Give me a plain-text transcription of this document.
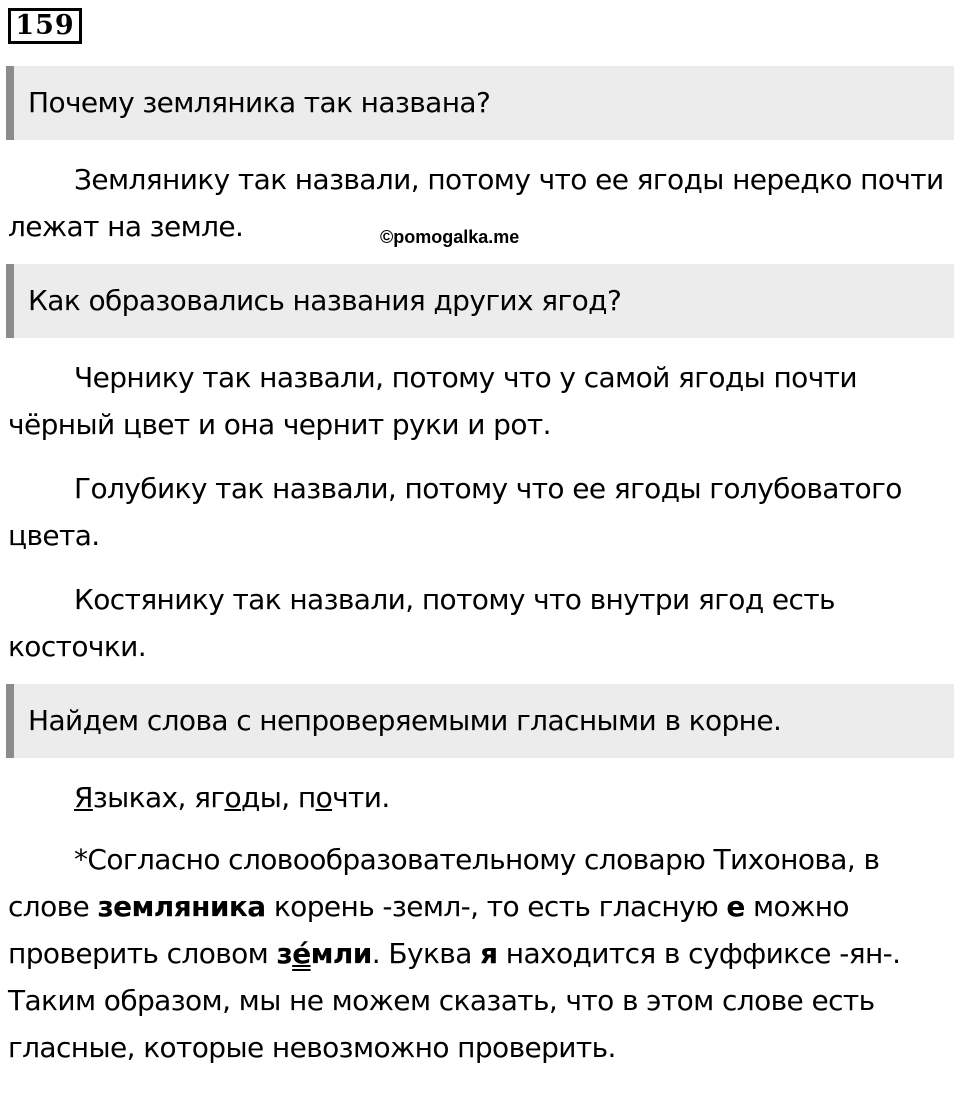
159
Почему земляника так названа?

Землянику так назвали, потому что ее ягоды нередко почти лежат на земле.	©pomogalka.me
Как образовались названия других ягод?

Чернику так назвали, потому что у самой ягоды почти чёрный цвет и она чернит руки и рот.

Голубику так назвали, потому что ее ягоды голубоватого цвета.

Костянику так назвали, потому что внутри ягод есть косточки.

Найдем слова с непроверяемыми гласными в корне.

Языках, ягоды, почти.

*Согласно словообразовательному словарю Тихонова, в слове земляника корень -земл-, то есть гласную е можно проверить словом зéмли. Буква я находится в суффиксе -ян-. Таким образом, мы не можем сказать, что в этом слове есть гласные, которые невозможно проверить.
